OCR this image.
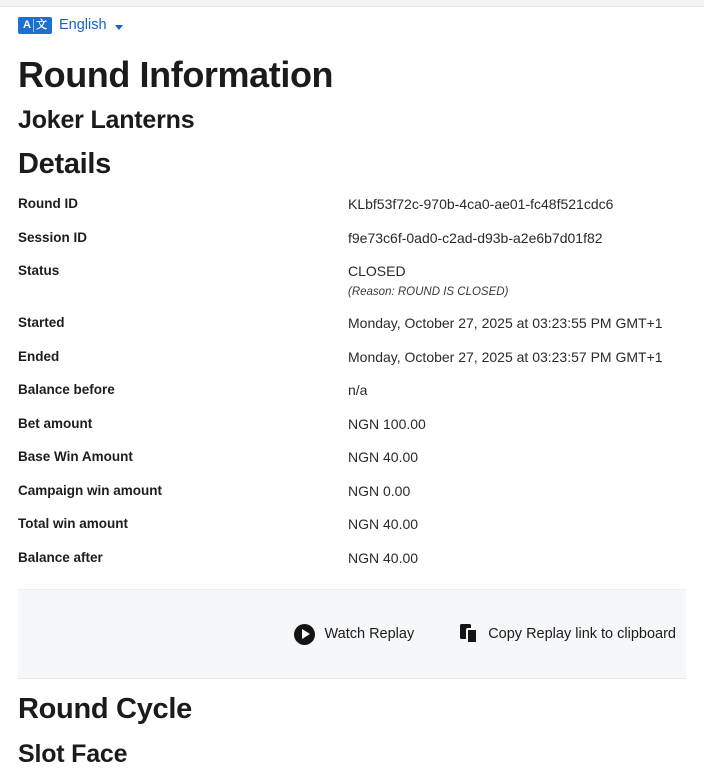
A 文 English
Round Information
Joker Lanterns
Details
Round ID	KLbf53f72c-970b-4ca0-ae01-fc48f521cdc6
Session ID	f9e73c6f-0ad0-c2ad-d93b-a2e6b7d01f82
Status	CLOSED
(Reason: ROUND IS CLOSED)

Started	Monday, October 27, 2025 at 03:23:55 PM GMT+1
Ended	Monday, October 27, 2025 at 03:23:57 PM GMT+1
Balance before	n/a
Bet amount	NGN 100.00
Base Win Amount	NGN 40.00
Campaign win amount	NGN 0.00
Total win amount	NGN 40.00
Balance after	NGN 40.00
Watch Replay	Copy Replay link to clipboard
Round Cycle
Slot Face
